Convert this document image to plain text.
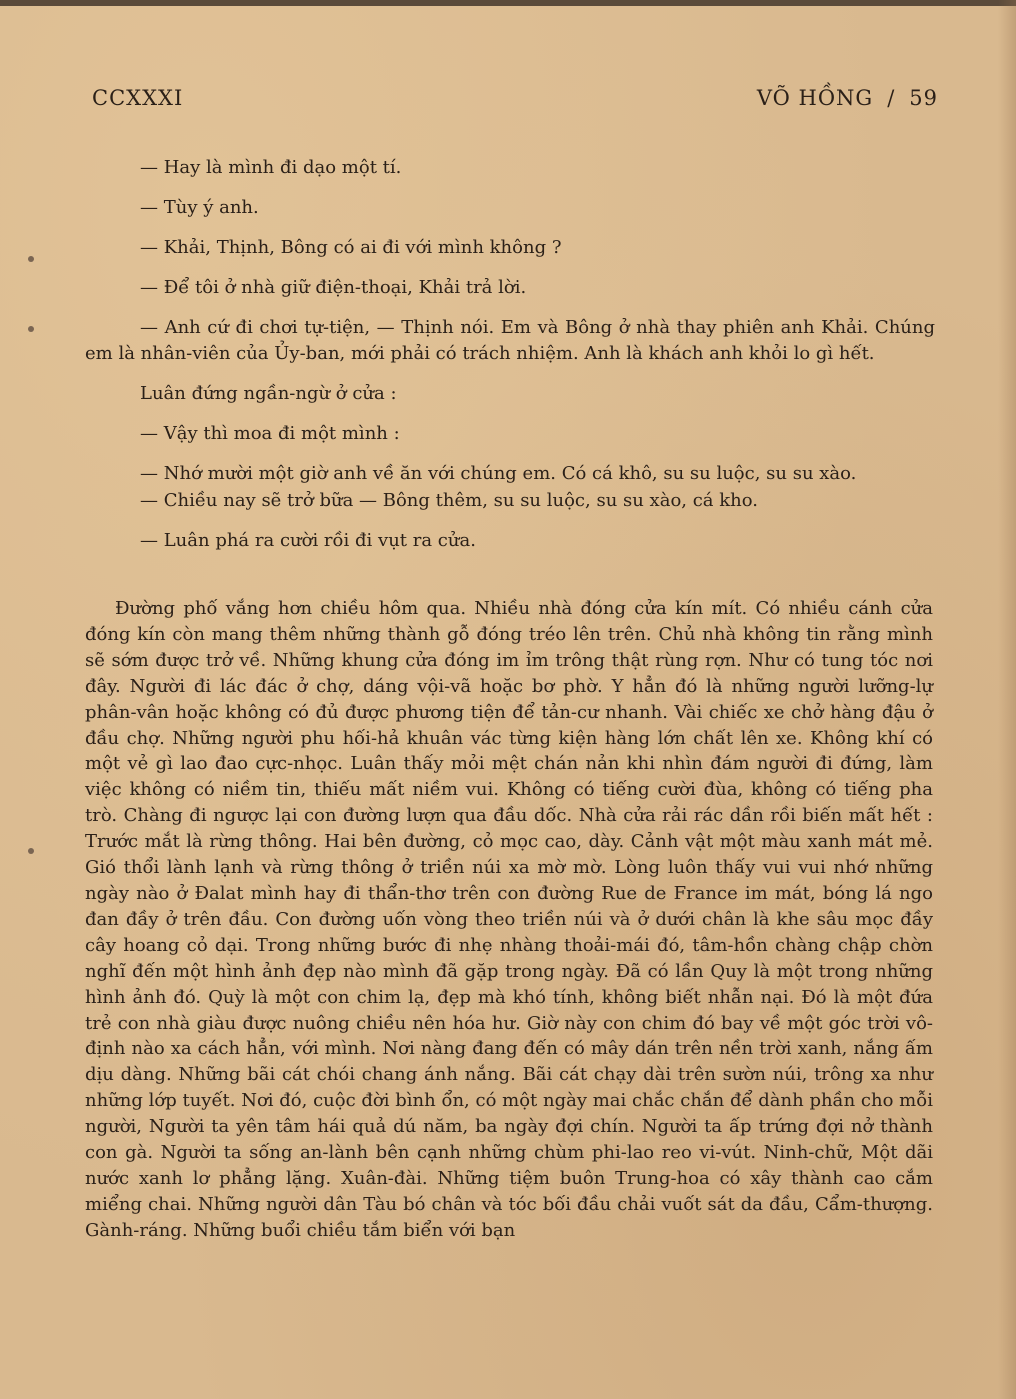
CCXXXI	VÕ HỒNG / 59

— Hay là mình đi dạo một tí.

— Tùy ý anh.

— Khải, Thịnh, Bông có ai đi với mình không ?

— Để tôi ở nhà giữ điện-thoại, Khải trả lời.

— Anh cứ đi chơi tự-tiện, — Thịnh nói. Em và Bông ở nhà thay phiên anh Khải. Chúng em là nhân-viên của Ủy-ban, mới phải có trách nhiệm. Anh là khách anh khỏi lo gì hết.

Luân đứng ngần-ngừ ở cửa :

— Vậy thì moa đi một mình :

— Nhớ mười một giờ anh về ăn với chúng em. Có cá khô, su su luộc, su su xào.

— Chiều nay sẽ trở bữa — Bông thêm, su su luộc, su su xào, cá kho.

— Luân phá ra cười rồi đi vụt ra cửa.

Đường phố vắng hơn chiều hôm qua. Nhiều nhà đóng cửa kín mít. Có nhiều cánh cửa đóng kín còn mang thêm những thành gỗ đóng tréo lên trên. Chủ nhà không tin rằng mình sẽ sớm được trở về. Những khung cửa đóng im ỉm trông thật rùng rợn. Như có tung tóc nơi đây. Người đi lác đác ở chợ, dáng vội-vã hoặc bơ phờ. Y hẳn đó là những người lưỡng-lự phân-vân hoặc không có đủ được phương tiện để tản-cư nhanh. Vài chiếc xe chở hàng đậu ở đầu chợ. Những người phu hối-hả khuân vác từng kiện hàng lớn chất lên xe. Không khí có một vẻ gì lao đao cực-nhọc. Luân thấy mỏi mệt chán nản khi nhìn đám người đi đứng, làm việc không có niềm tin, thiếu mất niềm vui. Không có tiếng cười đùa, không có tiếng pha trò. Chàng đi ngược lại con đường lượn qua đầu dốc. Nhà cửa rải rác dần rồi biến mất hết : Trước mắt là rừng thông. Hai bên đường, cỏ mọc cao, dày. Cảnh vật một màu xanh mát mẻ. Gió thổi lành lạnh và rừng thông ở triền núi xa mờ mờ. Lòng luôn thấy vui vui nhớ những ngày nào ở Đalat mình hay đi thẩn-thơ trên con đường Rue de France im mát, bóng lá ngo đan đầy ở trên đầu. Con đường uốn vòng theo triền núi và ở dưới chân là khe sâu mọc đầy cây hoang cỏ dại. Trong những bước đi nhẹ nhàng thoải-mái đó, tâm-hồn chàng chập chờn nghĩ đến một hình ảnh đẹp nào mình đã gặp trong ngày. Đã có lần Quy là một trong những hình ảnh đó. Quỳ là một con chim lạ, đẹp mà khó tính, không biết nhẫn nại. Đó là một đứa trẻ con nhà giàu được nuông chiều nên hóa hư. Giờ này con chim đó bay về một góc trời vô-định nào xa cách hẳn, với mình. Nơi nàng đang đến có mây dán trên nền trời xanh, nắng ấm dịu dàng. Những bãi cát chói chang ánh nắng. Bãi cát chạy dài trên sườn núi, trông xa như những lớp tuyết. Nơi đó, cuộc đời bình ổn, có một ngày mai chắc chắn để dành phần cho mỗi người, Người ta yên tâm hái quả dú năm, ba ngày đợi chín. Người ta ấp trứng đợi nở thành con gà. Người ta sống an-lành bên cạnh những chùm phi-lao reo vi-vút. Ninh-chữ, Một dãi nước xanh lơ phẳng lặng. Xuân-đài. Những tiệm buôn Trung-hoa có xây thành cao cắm miểng chai. Những người dân Tàu bó chân và tóc bối đầu chải vuốt sát da đầu, Cẩm-thượng. Gành-ráng. Những buổi chiều tắm biển với bạn
